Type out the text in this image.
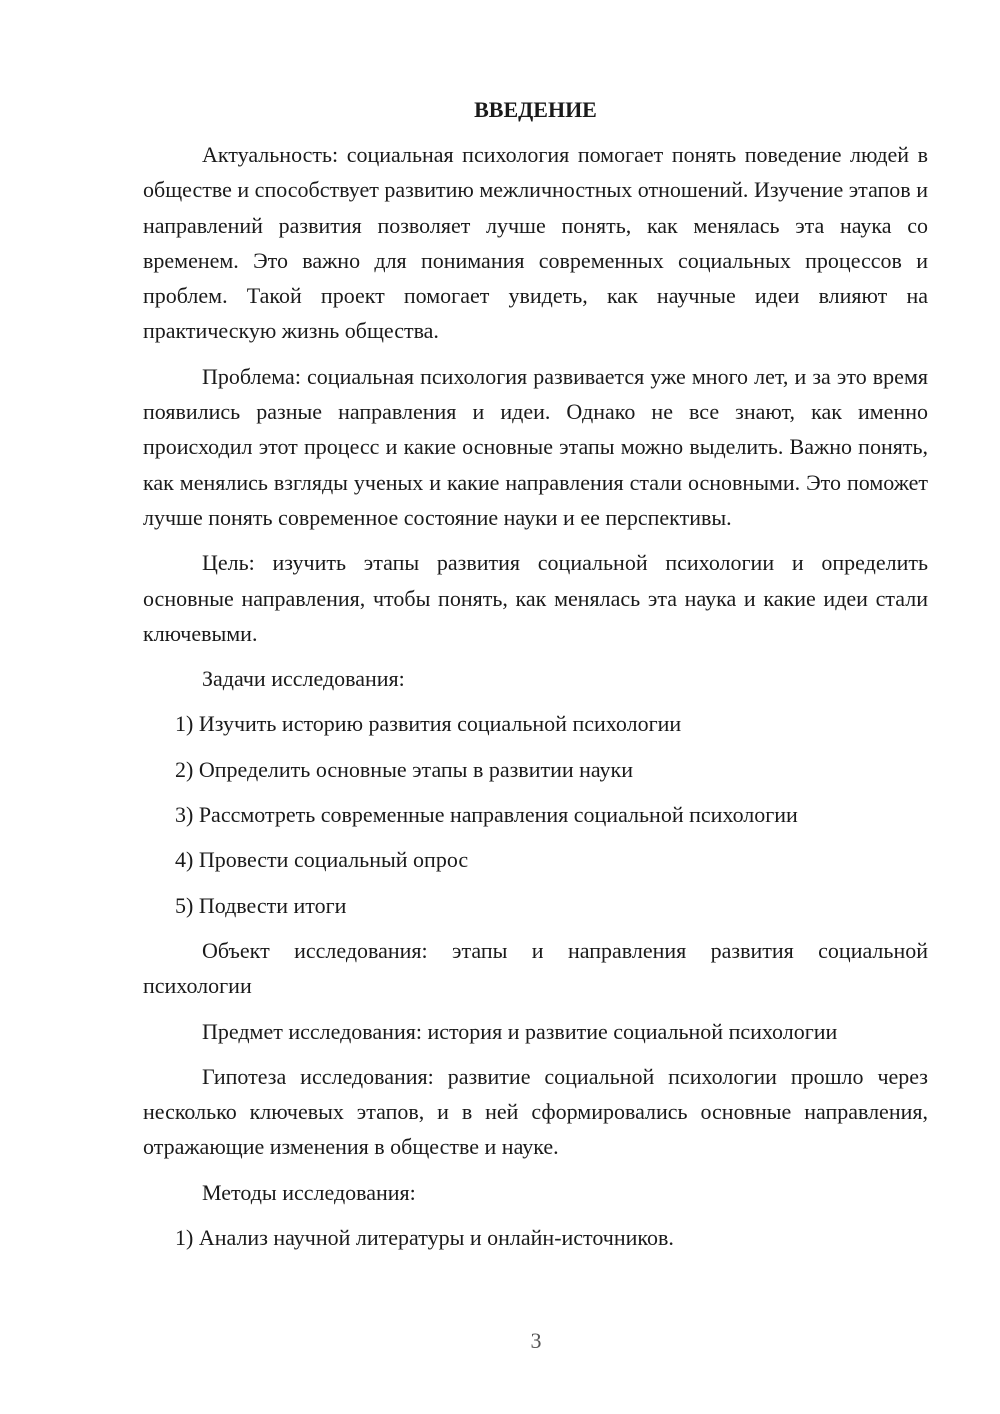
ВВЕДЕНИЕ
Актуальность: социальная психология помогает понять поведение людей в обществе и способствует развитию межличностных отношений. Изучение этапов и направлений развития позволяет лучше понять, как менялась эта наука со временем. Это важно для понимания современных социальных процессов и проблем. Такой проект помогает увидеть, как научные идеи влияют на практическую жизнь общества.
Проблема: социальная психология развивается уже много лет, и за это время появились разные направления и идеи. Однако не все знают, как именно происходил этот процесс и какие основные этапы можно выделить. Важно понять, как менялись взгляды ученых и какие направления стали основными. Это поможет лучше понять современное состояние науки и ее перспективы.
Цель: изучить этапы развития социальной психологии и определить основные направления, чтобы понять, как менялась эта наука и какие идеи стали ключевыми.
Задачи исследования:
1) Изучить историю развития социальной психологии
2) Определить основные этапы в развитии науки
3) Рассмотреть современные направления социальной психологии
4) Провести социальный опрос
5) Подвести итоги
Объект исследования: этапы и направления развития социальной психологии
Предмет исследования: история и развитие социальной психологии
Гипотеза исследования: развитие социальной психологии прошло через несколько ключевых этапов, и в ней сформировались основные направления, отражающие изменения в обществе и науке.
Методы исследования:
1) Анализ научной литературы и онлайн-источников.
3
